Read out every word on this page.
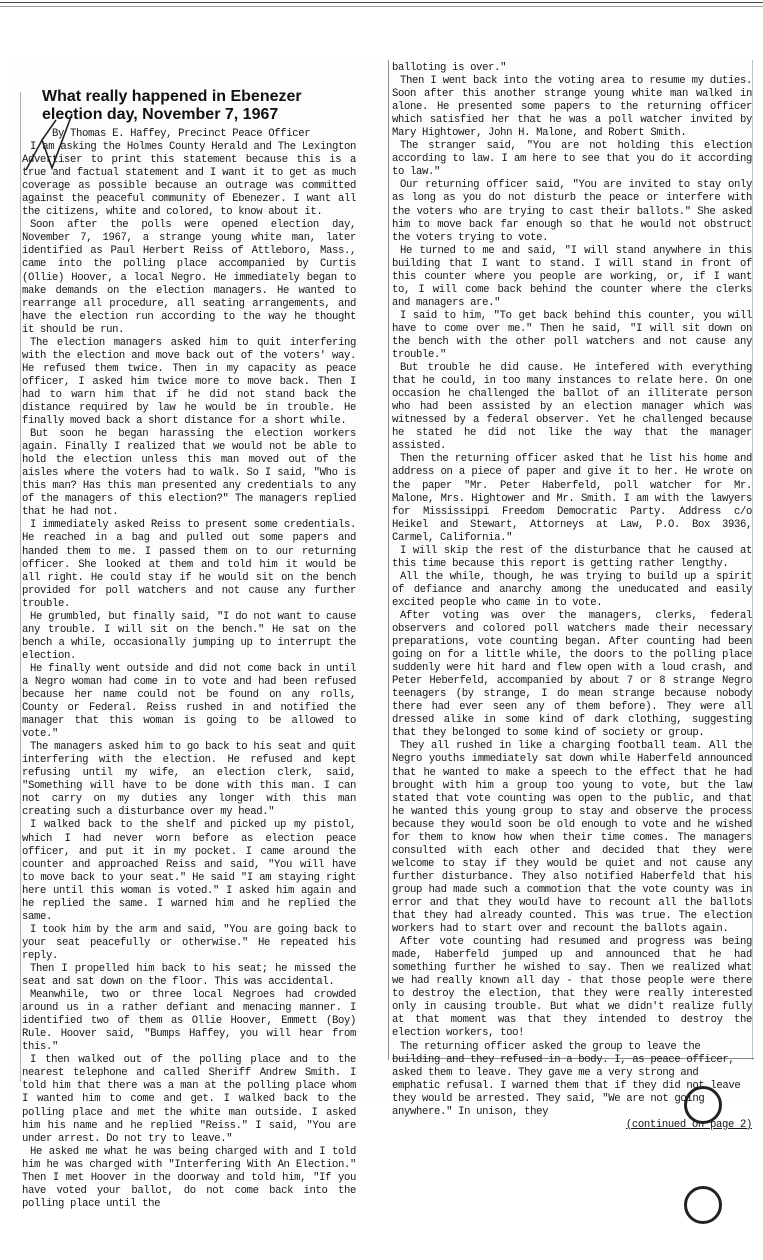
What really happened in Ebenezer election day, November 7, 1967

By Thomas E. Haffey, Precinct Peace Officer

I am asking the Holmes County Herald and The Lexington Advertiser to print this statement because this is a true and factual statement and I want it to get as much coverage as possible because an outrage was committed against the peaceful community of Ebenezer. I want all the citizens, white and colored, to know about it.

Soon after the polls were opened election day, November 7, 1967, a strange young white man, later identified as Paul Herbert Reiss of Attleboro, Mass., came into the polling place accompanied by Curtis (Ollie) Hoover, a local Negro. He immediately began to make demands on the election managers. He wanted to rearrange all procedure, all seating arrangements, and have the election run according to the way he thought it should be run.

The election managers asked him to quit interfering with the election and move back out of the voters' way. He refused them twice. Then in my capacity as peace officer, I asked him twice more to move back. Then I had to warn him that if he did not stand back the distance required by law he would be in trouble. He finally moved back a short distance for a short while.

But soon he began harassing the election workers again. Finally I realized that we would not be able to hold the election unless this man moved out of the aisles where the voters had to walk. So I said, "Who is this man? Has this man presented any credentials to any of the managers of this election?" The managers replied that he had not.

I immediately asked Reiss to present some credentials. He reached in a bag and pulled out some papers and handed them to me. I passed them on to our returning officer. She looked at them and told him it would be all right. He could stay if he would sit on the bench provided for poll watchers and not cause any further trouble.

He grumbled, but finally said, "I do not want to cause any trouble. I will sit on the bench." He sat on the bench a while, occasionally jumping up to interrupt the election.

He finally went outside and did not come back in until a Negro woman had come in to vote and had been refused because her name could not be found on any rolls, County or Federal. Reiss rushed in and notified the manager that this woman is going to be allowed to vote."

The managers asked him to go back to his seat and quit interfering with the election. He refused and kept refusing until my wife, an election clerk, said, "Something will have to be done with this man. I can not carry on my duties any longer with this man creating such a disturbance over my head."

I walked back to the shelf and picked up my pistol, which I had never worn before as election peace officer, and put it in my pocket. I came around the counter and approached Reiss and said, "You will have to move back to your seat." He said "I am staying right here until this woman is voted." I asked him again and he replied the same. I warned him and he replied the same.

I took him by the arm and said, "You are going back to your seat peacefully or otherwise." He repeated his reply.

Then I propelled him back to his seat; he missed the seat and sat down on the floor. This was accidental.

Meanwhile, two or three local Negroes had crowded around us in a rather defiant and menacing manner. I identified two of them as Ollie Hoover, Emmett (Boy) Rule. Hoover said, "Bumps Haffey, you will hear from this."

I then walked out of the polling place and to the nearest telephone and called Sheriff Andrew Smith. I told him that there was a man at the polling place whom I wanted him to come and get. I walked back to the polling place and met the white man outside. I asked him his name and he replied "Reiss." I said, "You are under arrest. Do not try to leave."

He asked me what he was being charged with and I told him he was charged with "Interfering With An Election." Then I met Hoover in the doorway and told him, "If you have voted your ballot, do not come back into the polling place until the

balloting is over."

Then I went back into the voting area to resume my duties. Soon after this another strange young white man walked in alone. He presented some papers to the returning officer which satisfied her that he was a poll watcher invited by Mary Hightower, John H. Malone, and Robert Smith.

The stranger said, "You are not holding this election according to law. I am here to see that you do it according to law."

Our returning officer said, "You are invited to stay only as long as you do not disturb the peace or interfere with the voters who are trying to cast their ballots." She asked him to move back far enough so that he would not obstruct the voters trying to vote.

He turned to me and said, "I will stand anywhere in this building that I want to stand. I will stand in front of this counter where you people are working, or, if I want to, I will come back behind the counter where the clerks and managers are."

I said to him, "To get back behind this counter, you will have to come over me." Then he said, "I will sit down on the bench with the other poll watchers and not cause any trouble."

But trouble he did cause. He intefered with everything that he could, in too many instances to relate here. On one occasion he challenged the ballot of an illiterate person who had been assisted by an election manager which was witnessed by a federal observer. Yet he challenged because he stated he did not like the way that the manager assisted.

Then the returning officer asked that he list his home and address on a piece of paper and give it to her. He wrote on the paper "Mr. Peter Haberfeld, poll watcher for Mr. Malone, Mrs. Hightower and Mr. Smith. I am with the lawyers for Mississippi Freedom Democratic Party. Address c/o Heikel and Stewart, Attorneys at Law, P.O. Box 3936, Carmel, California."

I will skip the rest of the disturbance that he caused at this time because this report is getting rather lengthy.

All the while, though, he was trying to build up a spirit of defiance and anarchy among the uneducated and easily excited people who came in to vote.

After voting was over the managers, clerks, federal observers and colored poll watchers made their necessary preparations, vote counting began. After counting had been going on for a little while, the doors to the polling place suddenly were hit hard and flew open with a loud crash, and Peter Heberfeld, accompanied by about 7 or 8 strange Negro teenagers (by strange, I do mean strange because nobody there had ever seen any of them before). They were all dressed alike in some kind of dark clothing, suggesting that they belonged to some kind of society or group.

They all rushed in like a charging football team. All the Negro youths immediately sat down while Haberfeld announced that he wanted to make a speech to the effect that he had brought with him a group too young to vote, but the law stated that vote counting was open to the public, and that he wanted this young group to stay and observe the process because they would soon be old enough to vote and he wished for them to know how when their time comes. The managers consulted with each other and decided that they were welcome to stay if they would be quiet and not cause any further disturbance. They also notified Haberfeld that his group had made such a commotion that the vote county was in error and that they would have to recount all the ballots that they had already counted. This was true. The election workers had to start over and recount the ballots again.

After vote counting had resumed and progress was being made, Haberfeld jumped up and announced that he had something further he wished to say. Then we realized what we had really known all day - that those people were there to destroy the election, that they were really interested only in causing trouble. But what we didn't realize fully at that moment was that they intended to destroy the election workers, too!

The returning officer asked the group to leave the building and they refused in a body. I, as peace officer, asked them to leave. They gave me a very strong and emphatic refusal. I warned them that if they did not leave they would be arrested. They said, "We are not going anywhere." In unison, they

(continued on page 2)
